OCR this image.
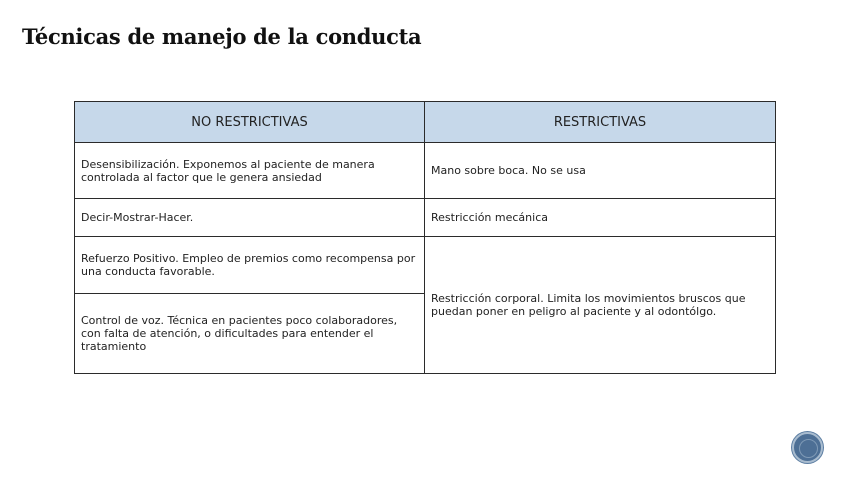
Técnicas de manejo de la conducta
NO RESTRICTIVAS	RESTRICTIVAS
Desensibilización. Exponemos al paciente de manera controlada al factor que le genera ansiedad	Mano sobre boca. No se usa
Decir-Mostrar-Hacer.	Restricción mecánica
Refuerzo Positivo. Empleo de premios como recompensa por una conducta favorable.	Restricción corporal. Limita los movimientos bruscos que puedan poner en peligro al paciente y al odontólgo.
Control de voz. Técnica en pacientes poco colaboradores, con falta de atención, o dificultades para entender el tratamiento	
